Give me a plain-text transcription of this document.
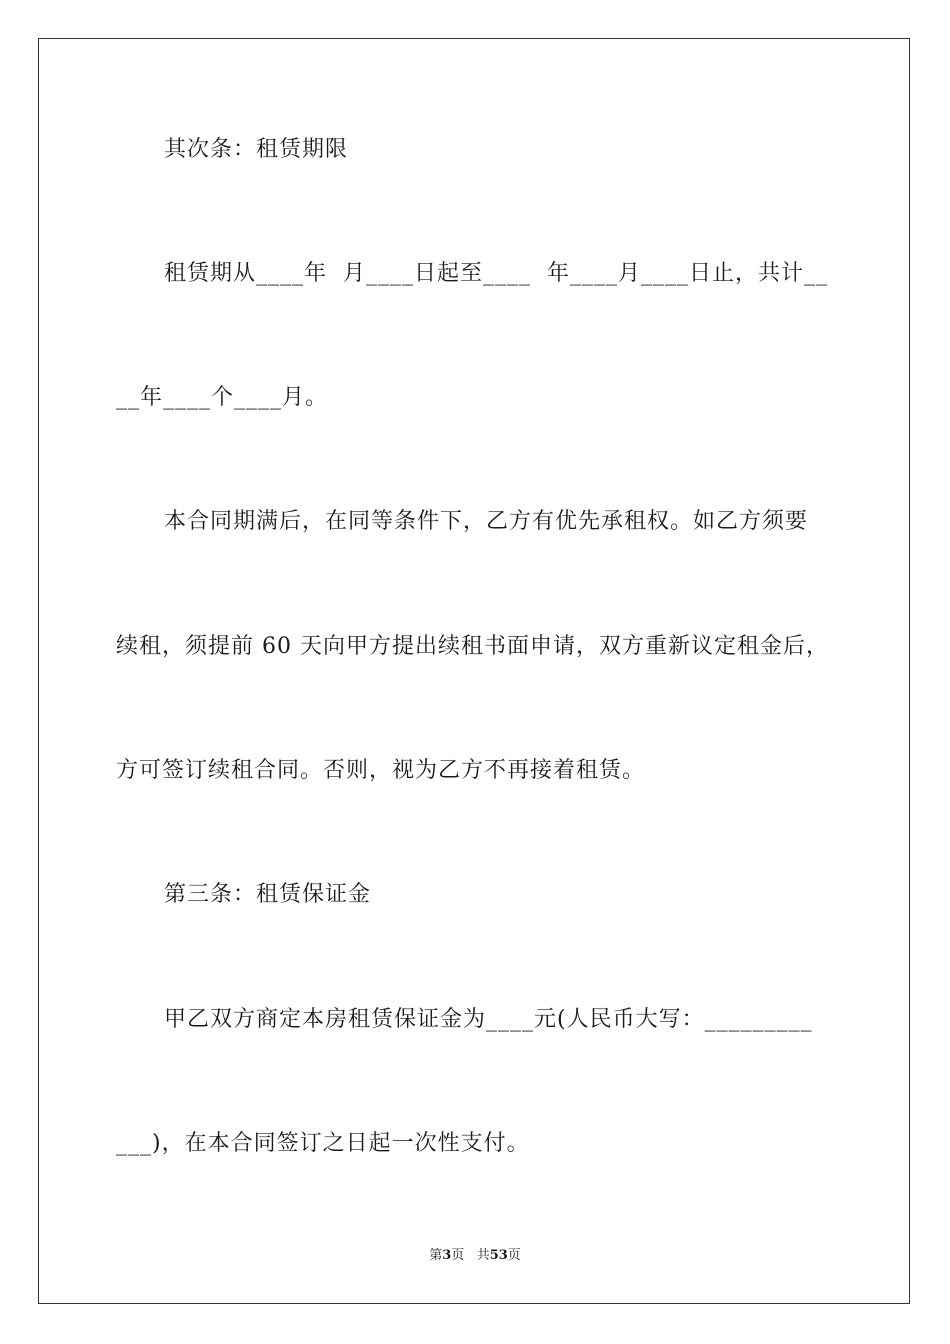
其次条：租赁期限
租赁期从____年  月____日起至____  年____月____日止，共计__
__年____个____月。
本合同期满后，在同等条件下，乙方有优先承租权。如乙方须要
续租，须提前 60 天向甲方提出续租书面申请，双方重新议定租金后，
方可签订续租合同。否则，视为乙方不再接着租赁。
第三条：租赁保证金
甲乙双方商定本房租赁保证金为____元(人民币大写：_________
___)，在本合同签订之日起一次性支付。
第3页 共53页
